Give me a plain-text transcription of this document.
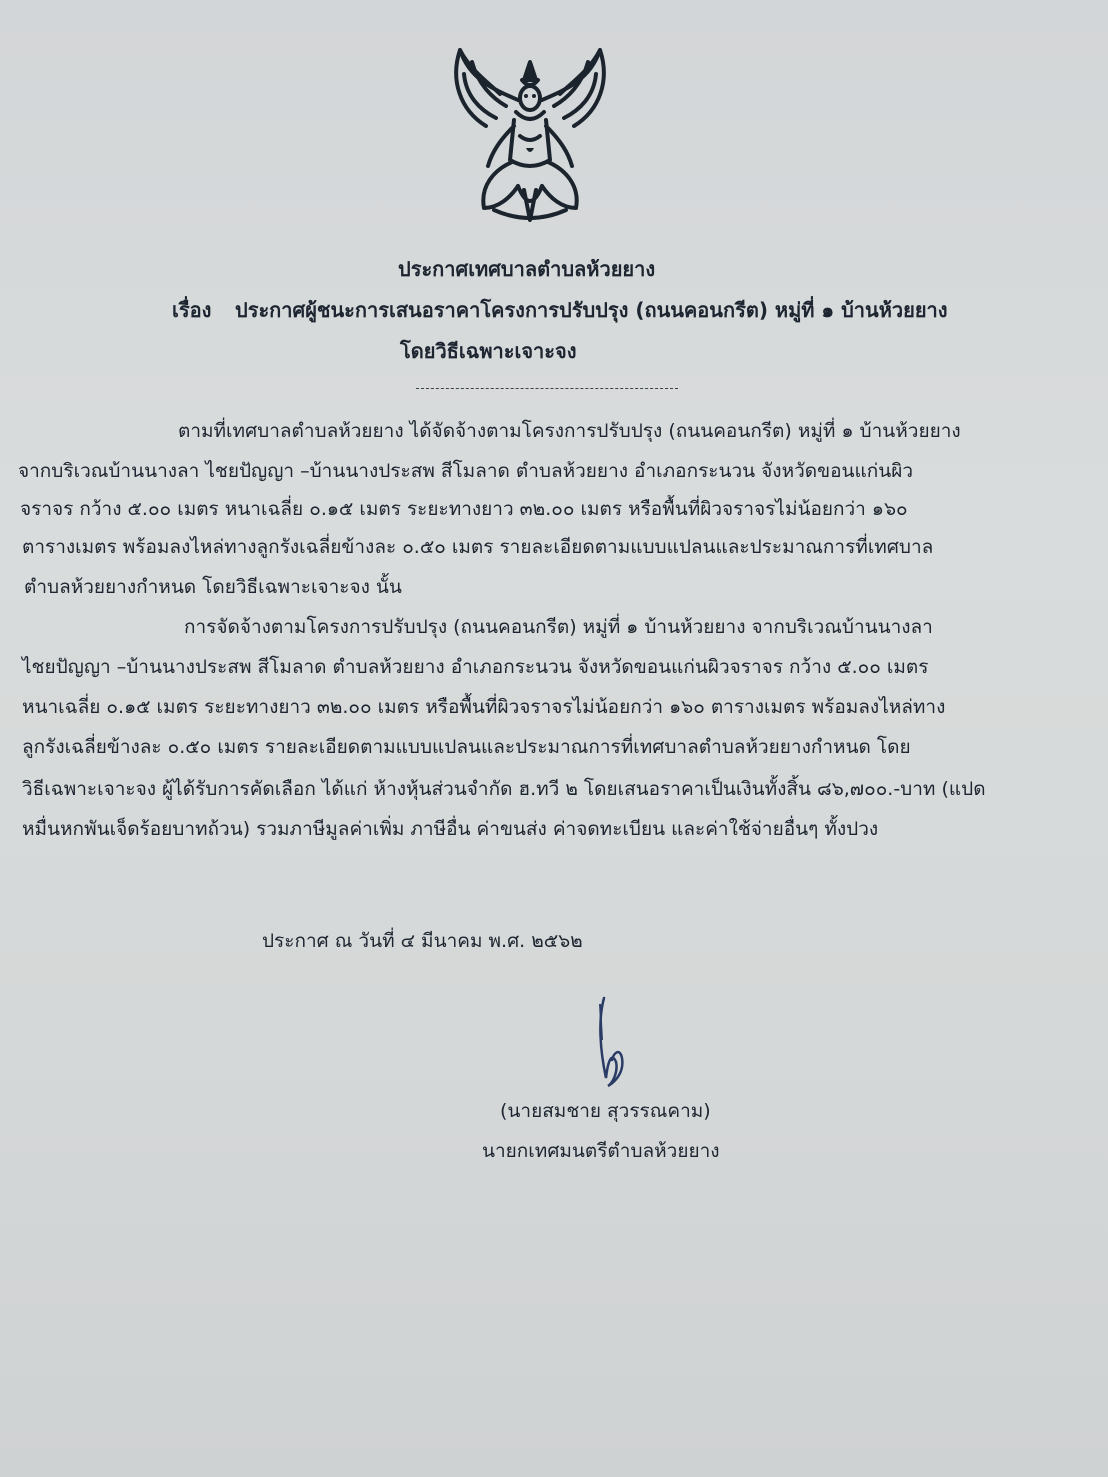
ประกาศเทศบาลตำบลห้วยยาง
เรื่อง ประกาศผู้ชนะการเสนอราคาโครงการปรับปรุง (ถนนคอนกรีต) หมู่ที่ ๑ บ้านห้วยยาง
โดยวิธีเฉพาะเจาะจง
ตามที่เทศบาลตำบลห้วยยาง ได้จัดจ้างตามโครงการปรับปรุง (ถนนคอนกรีต) หมู่ที่ ๑ บ้านห้วยยาง
จากบริเวณบ้านนางลา ไชยปัญญา –บ้านนางประสพ สีโมลาด ตำบลห้วยยาง อำเภอกระนวน จังหวัดขอนแก่นผิว
จราจร กว้าง ๕.๐๐ เมตร หนาเฉลี่ย ๐.๑๕ เมตร ระยะทางยาว ๓๒.๐๐ เมตร หรือพื้นที่ผิวจราจรไม่น้อยกว่า ๑๖๐
ตารางเมตร พร้อมลงไหล่ทางลูกรังเฉลี่ยข้างละ ๐.๕๐ เมตร รายละเอียดตามแบบแปลนและประมาณการที่เทศบาล
ตำบลห้วยยางกำหนด โดยวิธีเฉพาะเจาะจง นั้น
การจัดจ้างตามโครงการปรับปรุง (ถนนคอนกรีต) หมู่ที่ ๑ บ้านห้วยยาง จากบริเวณบ้านนางลา
ไชยปัญญา –บ้านนางประสพ สีโมลาด ตำบลห้วยยาง อำเภอกระนวน จังหวัดขอนแก่นผิวจราจร กว้าง ๕.๐๐ เมตร
หนาเฉลี่ย ๐.๑๕ เมตร ระยะทางยาว ๓๒.๐๐ เมตร หรือพื้นที่ผิวจราจรไม่น้อยกว่า ๑๖๐ ตารางเมตร พร้อมลงไหล่ทาง
ลูกรังเฉลี่ยข้างละ ๐.๕๐ เมตร รายละเอียดตามแบบแปลนและประมาณการที่เทศบาลตำบลห้วยยางกำหนด โดย
วิธีเฉพาะเจาะจง ผู้ได้รับการคัดเลือก ได้แก่ ห้างหุ้นส่วนจำกัด ฮ.ทวี ๒ โดยเสนอราคาเป็นเงินทั้งสิ้น ๘๖,๗๐๐.-บาท (แปด
หมื่นหกพันเจ็ดร้อยบาทถ้วน) รวมภาษีมูลค่าเพิ่ม ภาษีอื่น ค่าขนส่ง ค่าจดทะเบียน และค่าใช้จ่ายอื่นๆ ทั้งปวง
ประกาศ ณ วันที่ ๔ มีนาคม พ.ศ. ๒๕๖๒
(นายสมชาย สุวรรณคาม)
นายกเทศมนตรีตำบลห้วยยาง
